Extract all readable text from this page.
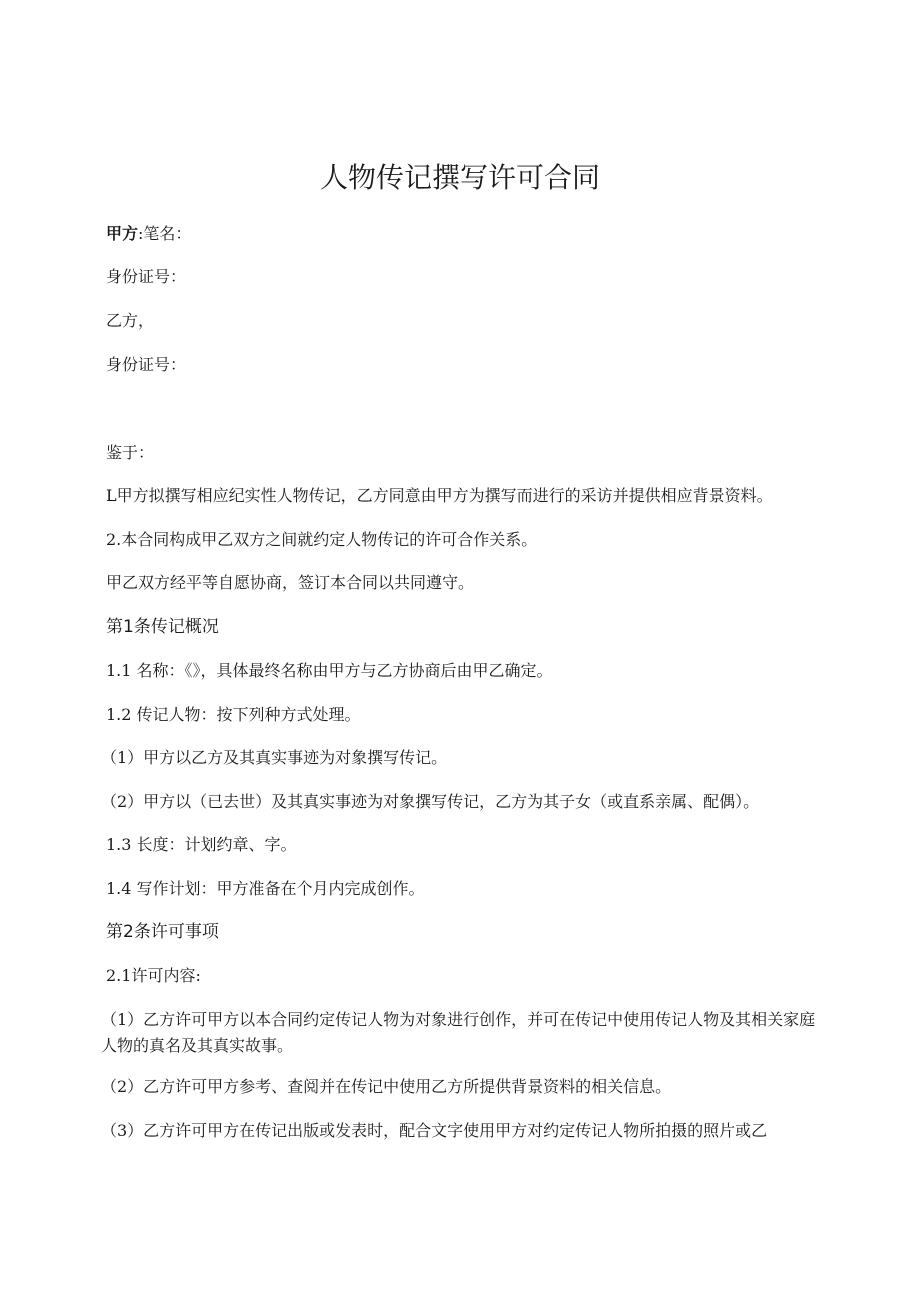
人物传记撰写许可合同

甲方:笔名：

身份证号：

乙方，

身份证号：

鉴于：

L甲方拟撰写相应纪实性人物传记，乙方同意由甲方为撰写而进行的采访并提供相应背景资料。

2.本合同构成甲乙双方之间就约定人物传记的许可合作关系。

甲乙双方经平等自愿协商，签订本合同以共同遵守。

第1条传记概况

1.1 名称：《》，具体最终名称由甲方与乙方协商后由甲乙确定。

1.2 传记人物：按下列种方式处理。

（1）甲方以乙方及其真实事迹为对象撰写传记。

（2）甲方以（已去世）及其真实事迹为对象撰写传记，乙方为其子女（或直系亲属、配偶）。

1.3 长度：计划约章、字。

1.4 写作计划：甲方准备在个月内完成创作。

第2条许可事项

2.1许可内容:

（1）乙方许可甲方以本合同约定传记人物为对象进行创作，并可在传记中使用传记人物及其相关家庭人物的真名及其真实故事。

（2）乙方许可甲方参考、查阅并在传记中使用乙方所提供背景资料的相关信息。

（3）乙方许可甲方在传记出版或发表时，配合文字使用甲方对约定传记人物所拍摄的照片或乙
